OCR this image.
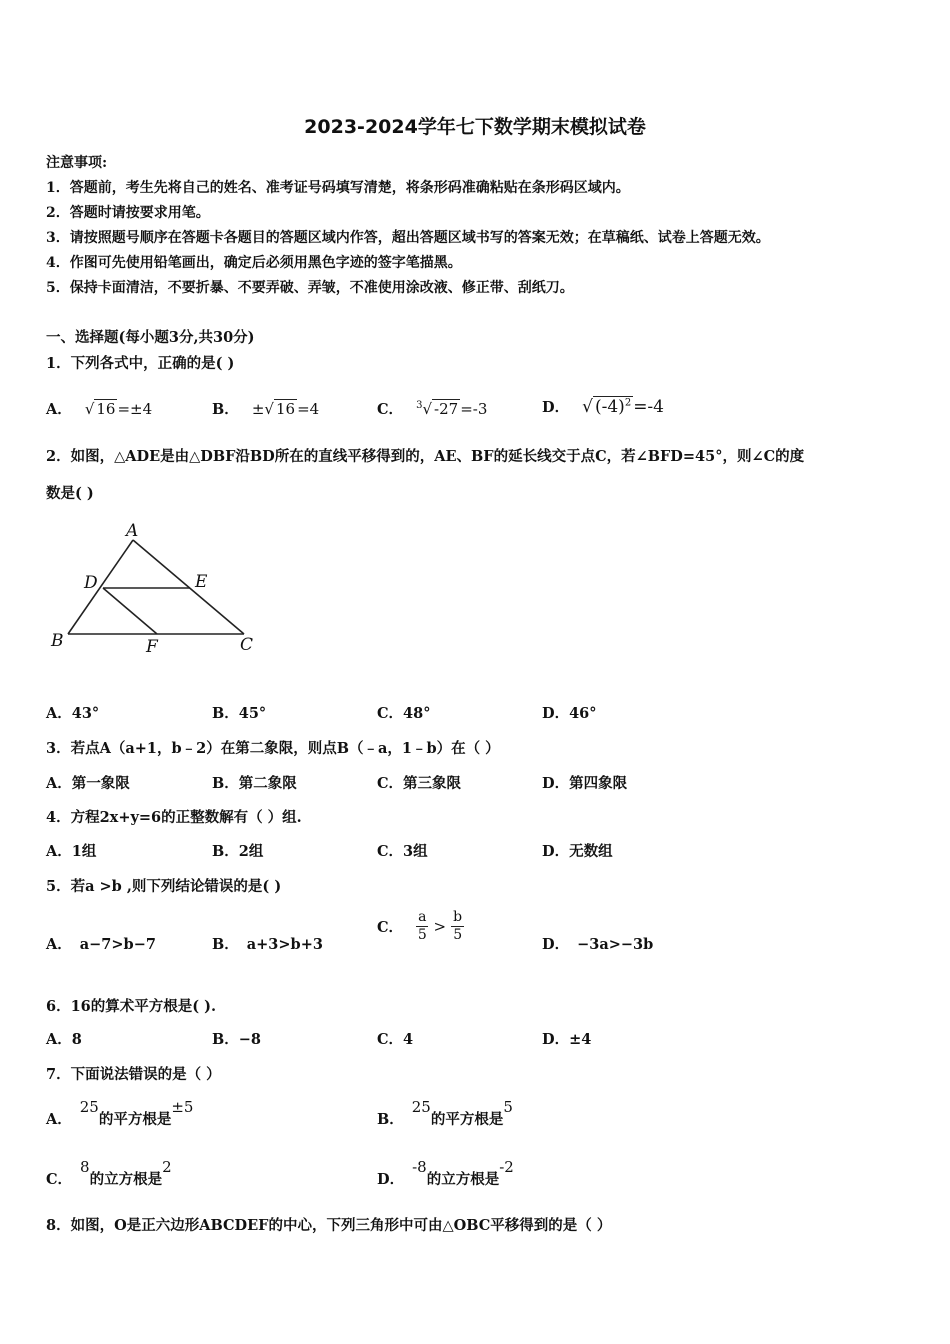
2023-2024学年七下数学期末模拟试卷
注意事项:
1．答题前，考生先将自己的姓名、准考证号码填写清楚，将条形码准确粘贴在条形码区域内。
2．答题时请按要求用笔。
3．请按照题号顺序在答题卡各题目的答题区域内作答，超出答题区域书写的答案无效；在草稿纸、试卷上答题无效。
4．作图可先使用铅笔画出，确定后必须用黑色字迹的签字笔描黑。
5．保持卡面清洁，不要折暴、不要弄破、弄皱，不准使用涂改液、修正带、刮纸刀。
一、选择题(每小题3分,共30分)
1．下列各式中，正确的是( )
A． √ 16 =±4	B． ±√ 16 =4	C． $^3$√ -27 =-3	D． √ $(-4)^2 =-4$
2．如图，△ADE是由△DBF沿BD所在的直线平移得到的，AE、BF的延长线交于点C，若∠BFD=45°，则∠C的度
数是( )
A
D	E
B	F	C
A．43°	B．45°	C．48°	D．46°
3．若点A（a+1，b﹣2）在第二象限，则点B（﹣a，1﹣b）在（ ）
A．第一象限	B．第二象限	C．第三象限	D．第四象限
4．方程2x+y=6的正整数解有（ ）组.
A．1组	B．2组	C．3组	D．无数组
5．若a >b ,则下列结论错误的是( )
A． a−7>b−7	B． a+3>b+3
C． $\frac{a}{5} > \frac{b}{5}$
D． −3a>−3b
6．16的算术平方根是( ).
A．8	B．−8	C．4	D．±4
7．下面说法错误的是（ ）
A．25的平方根是±5
B．25的平方根是5
C．8的立方根是2
D．-8的立方根是-2
8．如图，O是正六边形ABCDEF的中心，下列三角形中可由△OBC平移得到的是（ ）
